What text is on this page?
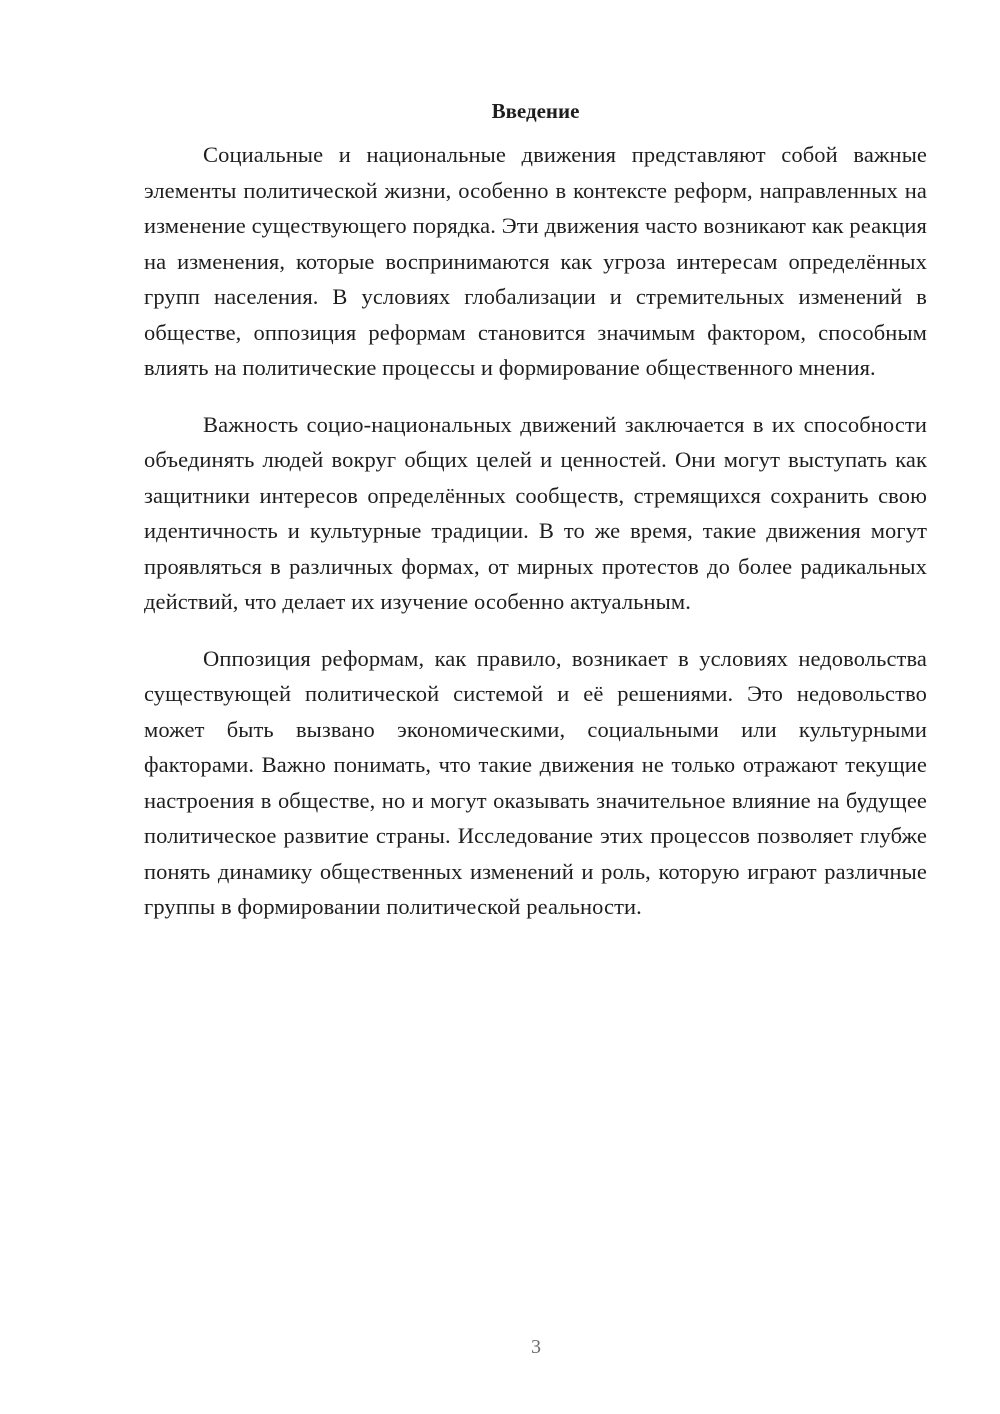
Введение

Социальные и национальные движения представляют собой важные элементы политической жизни, особенно в контексте реформ, направленных на изменение существующего порядка. Эти движения часто возникают как реакция на изменения, которые воспринимаются как угроза интересам определённых групп населения. В условиях глобализации и стремительных изменений в обществе, оппозиция реформам становится значимым фактором, способным влиять на политические процессы и формирование общественного мнения.

Важность социо-национальных движений заключается в их способности объединять людей вокруг общих целей и ценностей. Они могут выступать как защитники интересов определённых сообществ, стремящихся сохранить свою идентичность и культурные традиции. В то же время, такие движения могут проявляться в различных формах, от мирных протестов до более радикальных действий, что делает их изучение особенно актуальным.

Оппозиция реформам, как правило, возникает в условиях недовольства существующей политической системой и её решениями. Это недовольство может быть вызвано экономическими, социальными или культурными факторами. Важно понимать, что такие движения не только отражают текущие настроения в обществе, но и могут оказывать значительное влияние на будущее политическое развитие страны. Исследование этих процессов позволяет глубже понять динамику общественных изменений и роль, которую играют различные группы в формировании политической реальности.

3
